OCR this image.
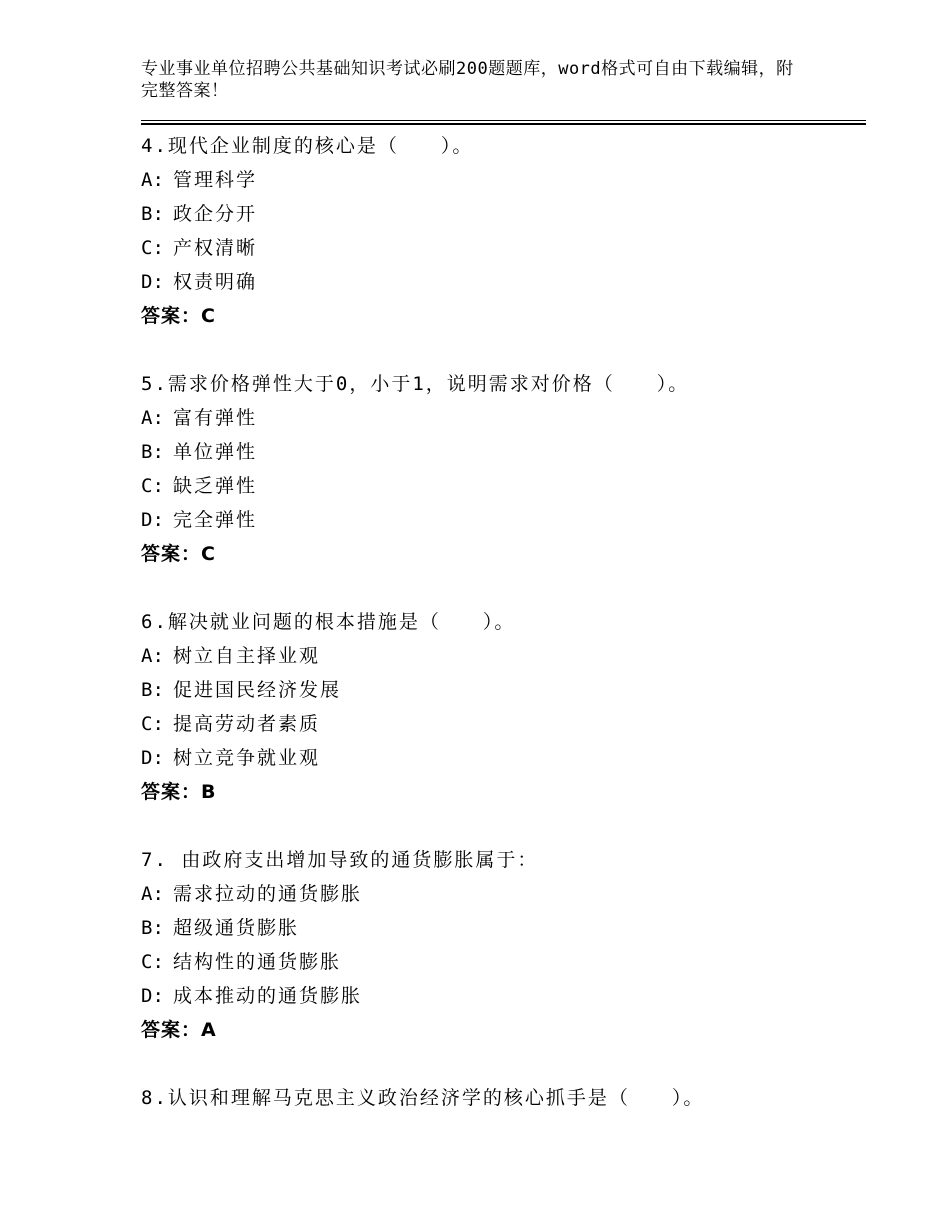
专业事业单位招聘公共基础知识考试必刷200题题库，word格式可自由下载编辑，附完整答案！
4.现代企业制度的核心是（　　）。
A: 管理科学
B: 政企分开
C: 产权清晰
D: 权责明确
答案：C
5.需求价格弹性大于0，小于1，说明需求对价格（　　）。
A: 富有弹性
B: 单位弹性
C: 缺乏弹性
D: 完全弹性
答案：C
6.解决就业问题的根本措施是（　　）。
A: 树立自主择业观
B: 促进国民经济发展
C: 提高劳动者素质
D: 树立竞争就业观
答案：B
7. 由政府支出增加导致的通货膨胀属于：
A: 需求拉动的通货膨胀
B: 超级通货膨胀
C: 结构性的通货膨胀
D: 成本推动的通货膨胀
答案：A
8.认识和理解马克思主义政治经济学的核心抓手是（　　）。
